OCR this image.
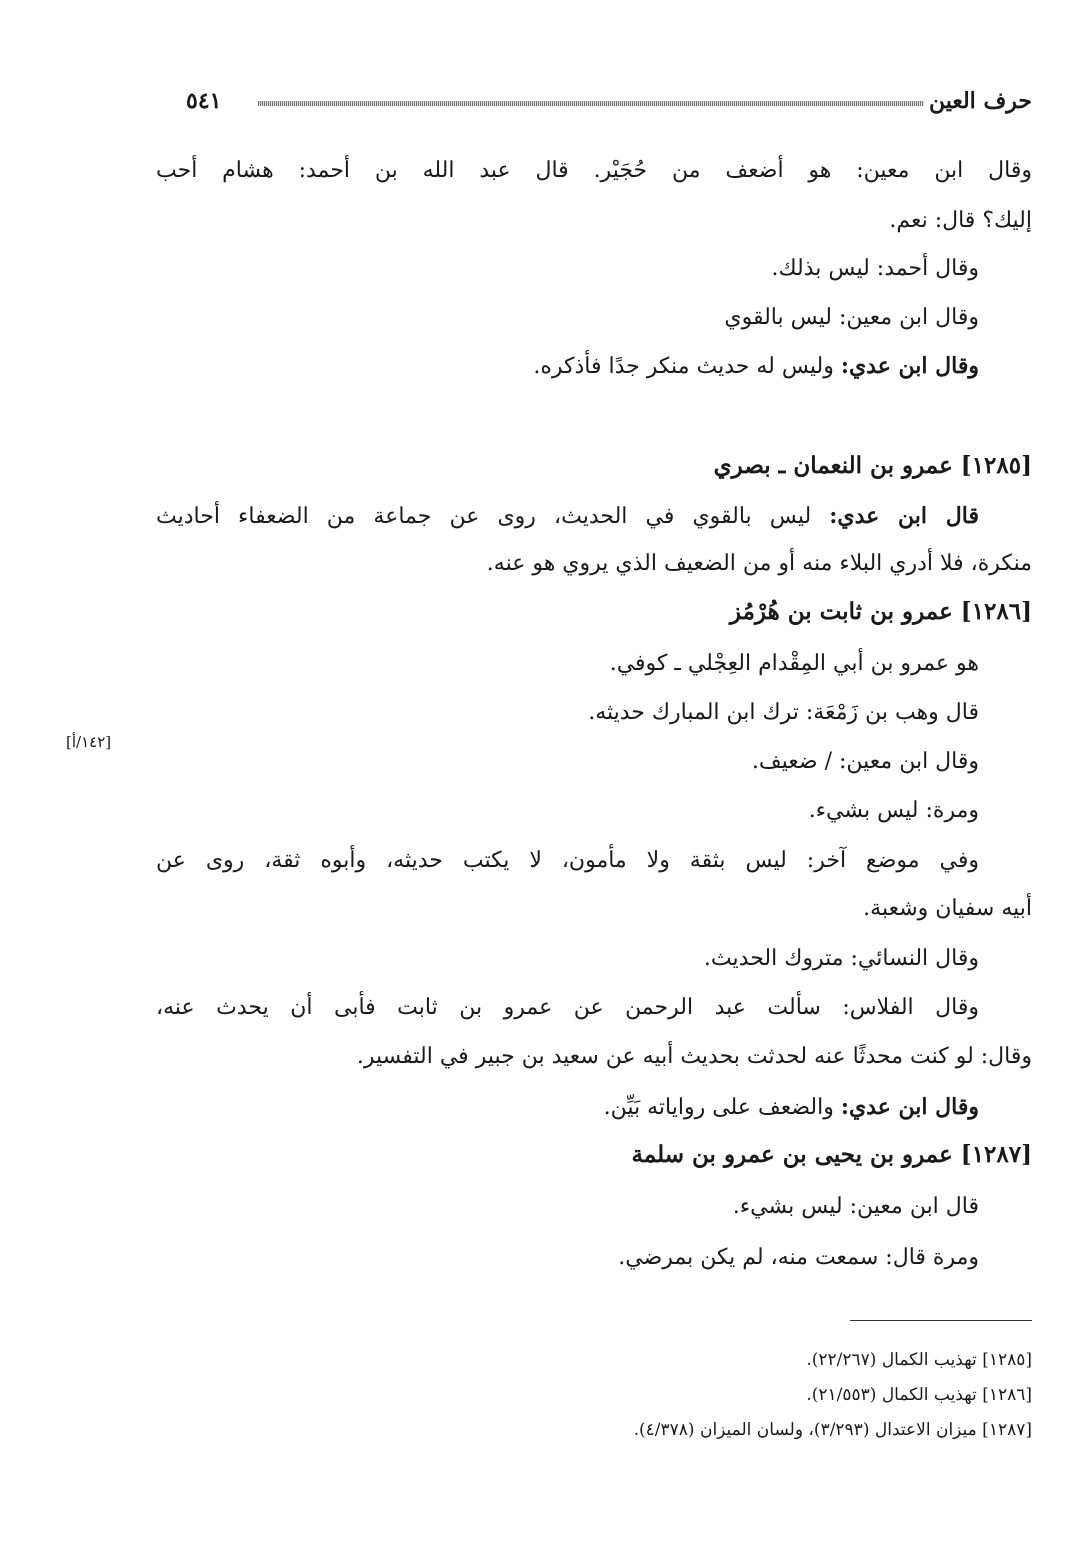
حرف العين
٥٤١
وقال ابن معين: هو أضعف من حُجَيْر. قال عبد الله بن أحمد: هشام أحب
إليك؟ قال: نعم.
وقال أحمد: ليس بذلك.
وقال ابن معين: ليس بالقوي
وقال ابن عدي: وليس له حديث منكر جدًا فأذكره.
[١٢٨٥] عمرو بن النعمان ـ بصري
قال ابن عدي: ليس بالقوي في الحديث، روى عن جماعة من الضعفاء أحاديث
منكرة، فلا أدري البلاء منه أو من الضعيف الذي يروي هو عنه.
[١٢٨٦] عمرو بن ثابت بن هُرْمُز
هو عمرو بن أبي المِقْدام العِجْلي ـ كوفي.
قال وهب بن زَمْعَة: ترك ابن المبارك حديثه.
[١٤٢/أ]
وقال ابن معين: / ضعيف.
ومرة: ليس بشيء.
وفي موضع آخر: ليس بثقة ولا مأمون، لا يكتب حديثه، وأبوه ثقة، روى عن
أبيه سفيان وشعبة.
وقال النسائي: متروك الحديث.
وقال الفلاس: سألت عبد الرحمن عن عمرو بن ثابت فأبى أن يحدث عنه،
وقال: لو كنت محدثًا عنه لحدثت بحديث أبيه عن سعيد بن جبير في التفسير.
وقال ابن عدي: والضعف على رواياته بَيِّن.
[١٢٨٧] عمرو بن يحيى بن عمرو بن سلمة
قال ابن معين: ليس بشيء.
ومرة قال: سمعت منه، لم يكن بمرضي.
[١٢٨٥] تهذيب الكمال (٢٢/٢٦٧).
[١٢٨٦] تهذيب الكمال (٢١/٥٥٣).
[١٢٨٧] ميزان الاعتدال (٣/٢٩٣)، ولسان الميزان (٤/٣٧٨).
